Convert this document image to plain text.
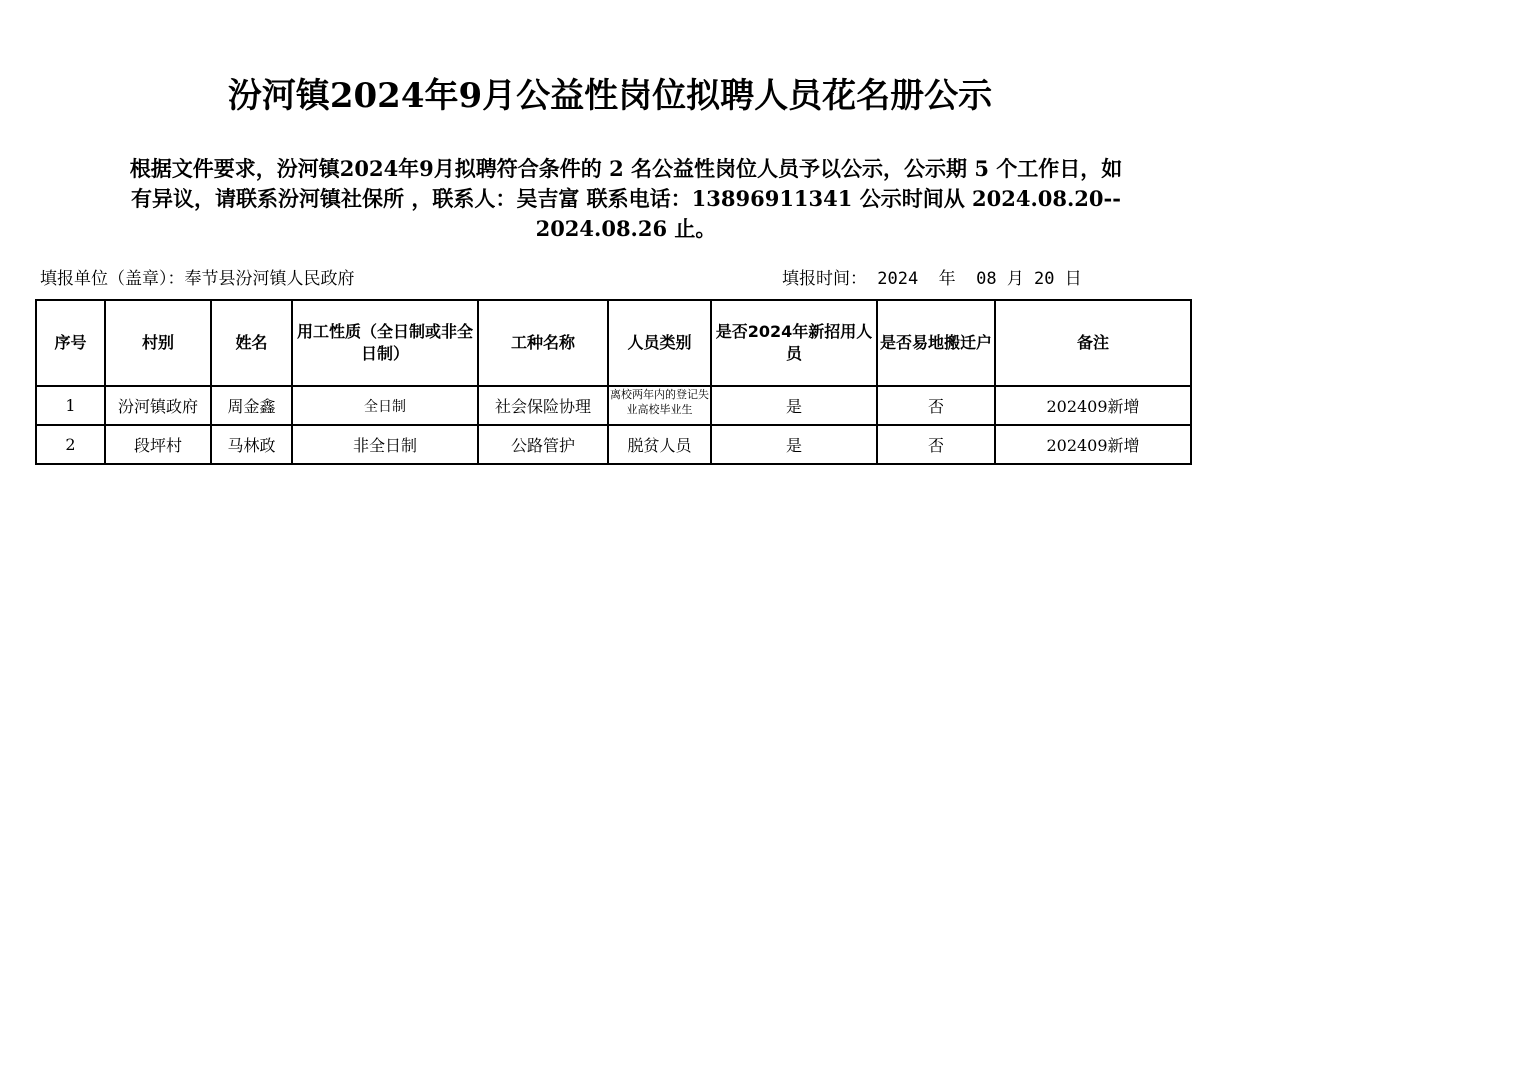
汾河镇2024年9月公益性岗位拟聘人员花名册公示
根据文件要求，汾河镇2024年9月拟聘符合条件的 2 名公益性岗位人员予以公示，公示期 5 个工作日，如
有异议，请联系汾河镇社保所 ，联系人：吴吉富 联系电话：13896911341 公示时间从 2024.08.20--
2024.08.26 止。
填报单位（盖章）：奉节县汾河镇人民政府	填报时间： 2024  年  08 月 20 日
序号	村别	姓名	用工性质（全日制或非全日制）	工种名称	人员类别	是否2024年新招用人员	是否易地搬迁户	备注
1	汾河镇政府	周金鑫	全日制	社会保险协理	离校两年内的登记失业高校毕业生	是	否	202409新增
2	段坪村	马林政	非全日制	公路管护	脱贫人员	是	否	202409新增
